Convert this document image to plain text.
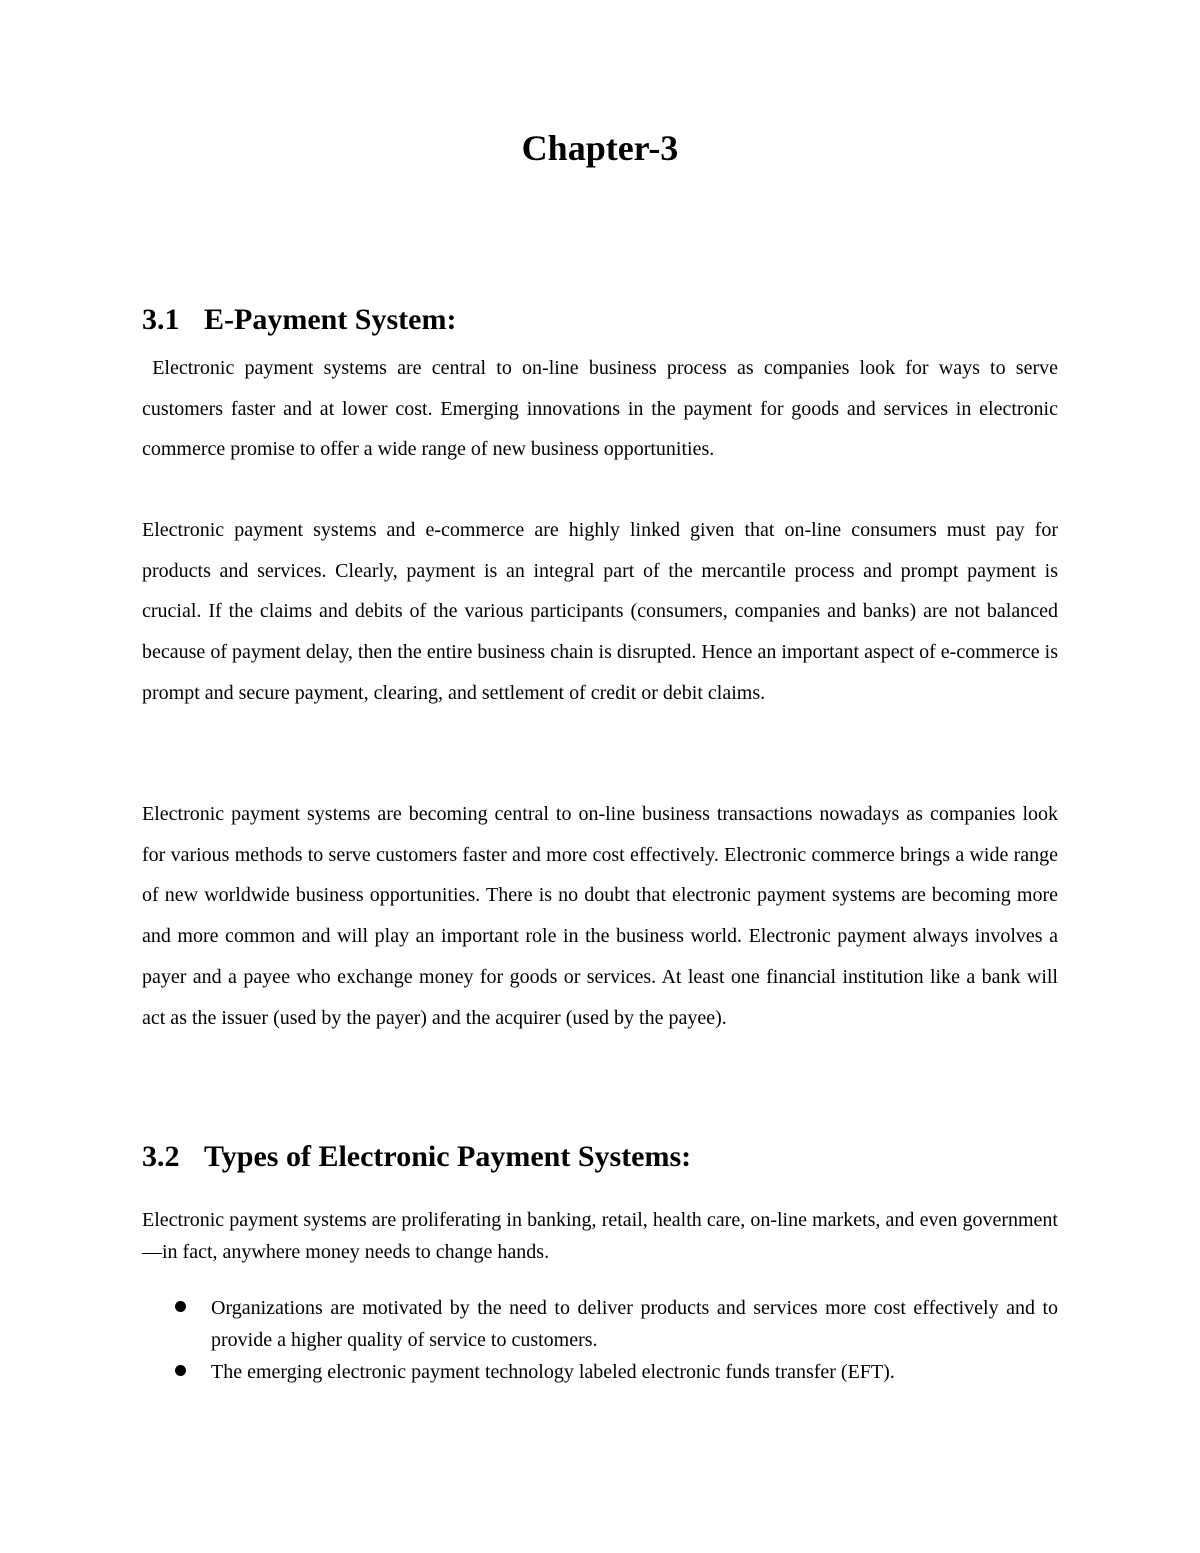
Chapter-3
3.1 E-Payment System:

Electronic payment systems are central to on-line business process as companies look for ways to serve customers faster and at lower cost. Emerging innovations in the payment for goods and services in electronic commerce promise to offer a wide range of new business opportunities.

Electronic payment systems and e-commerce are highly linked given that on-line consumers must pay for products and services. Clearly, payment is an integral part of the mercantile process and prompt payment is crucial. If the claims and debits of the various participants (consumers, companies and banks) are not balanced because of payment delay, then the entire business chain is disrupted. Hence an important aspect of e-commerce is prompt and secure payment, clearing, and settlement of credit or debit claims.

Electronic payment systems are becoming central to on-line business transactions nowadays as companies look for various methods to serve customers faster and more cost effectively. Electronic commerce brings a wide range of new worldwide business opportunities. There is no doubt that electronic payment systems are becoming more and more common and will play an important role in the business world. Electronic payment always involves a payer and a payee who exchange money for goods or services. At least one financial institution like a bank will act as the issuer (used by the payer) and the acquirer (used by the payee).

3.2 Types of Electronic Payment Systems:

Electronic payment systems are proliferating in banking, retail, health care, on-line markets, and even government—in fact, anywhere money needs to change hands.

Organizations are motivated by the need to deliver products and services more cost effectively and to provide a higher quality of service to customers.
The emerging electronic payment technology labeled electronic funds transfer (EFT).
